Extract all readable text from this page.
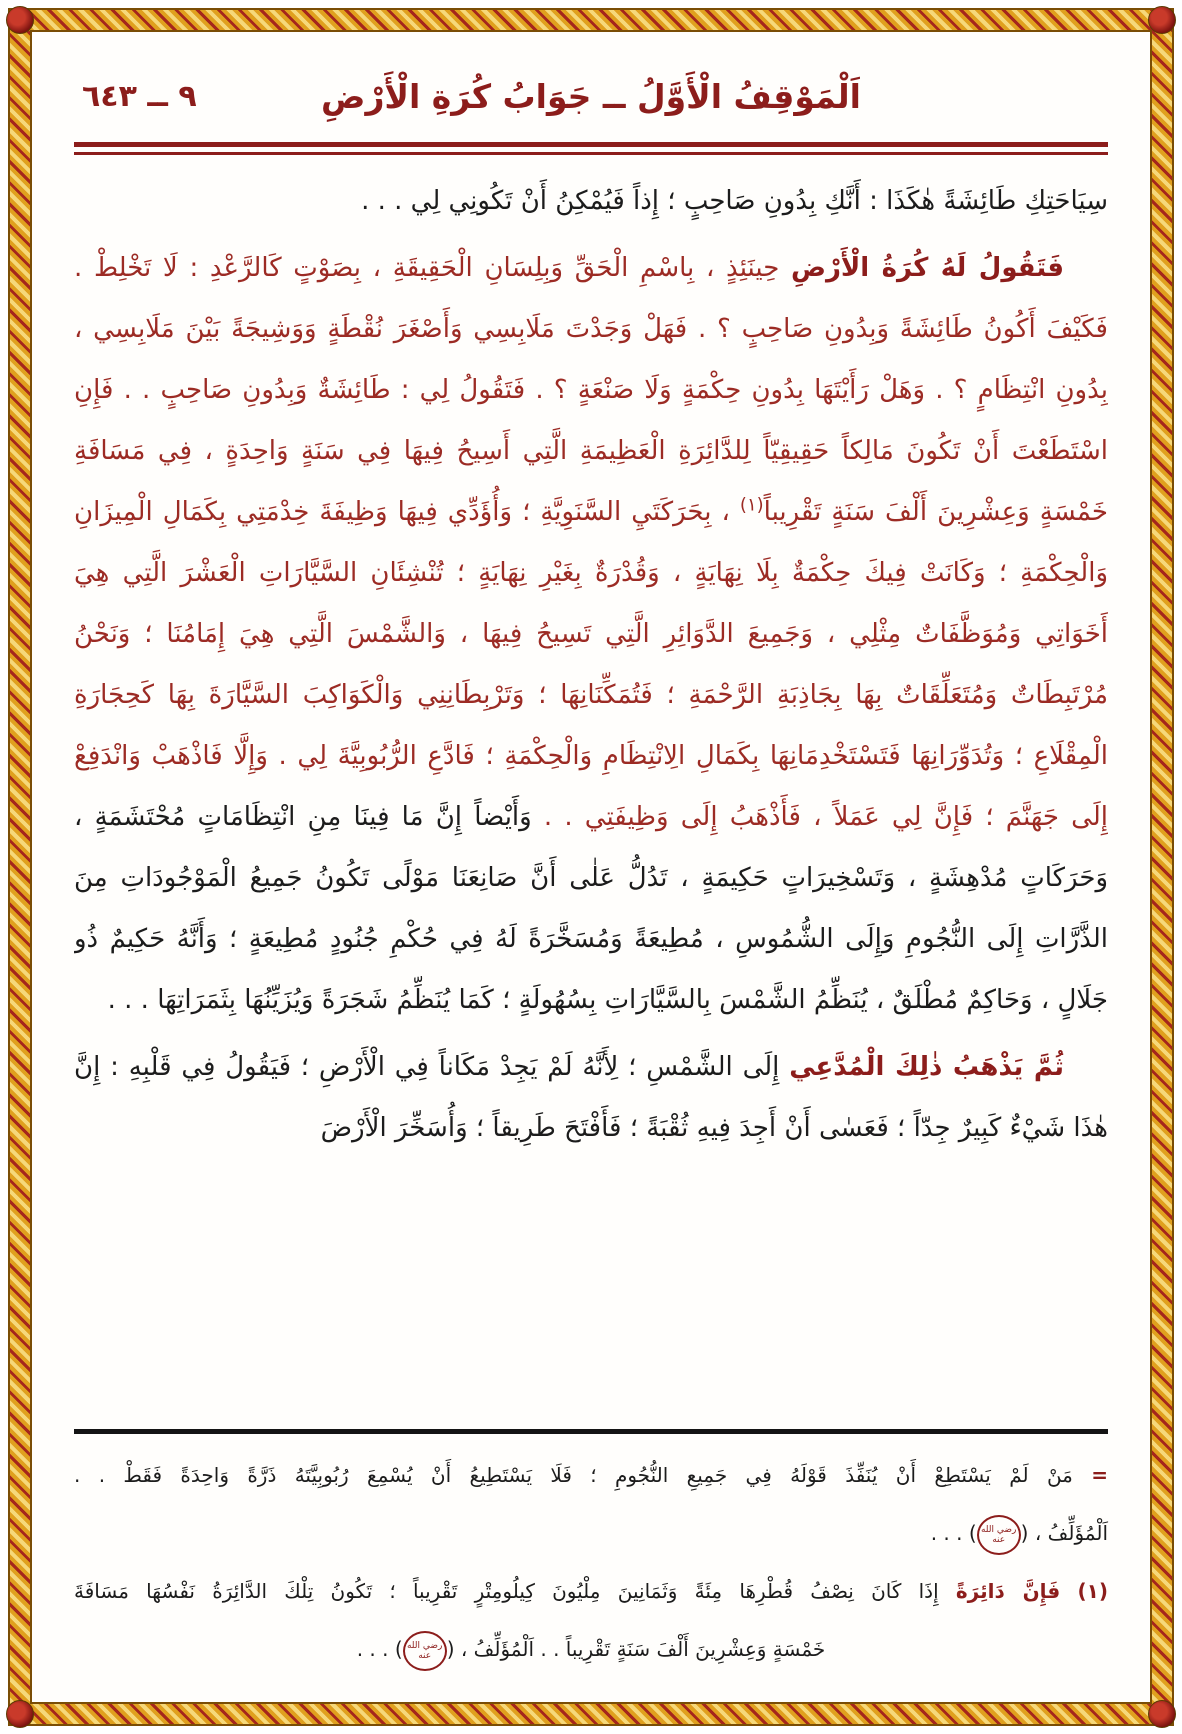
٩ ــ ٦٤٣	اَلْمَوْقِفُ الْأَوَّلُ ــ جَوَابُ كُرَةِ الْأَرْضِ

سِيَاحَتِكِ طَائِشَةً هٰكَذَا : أَنَّكِ بِدُونِ صَاحِبٍ ؛ إِذاً فَيُمْكِنُ أَنْ تَكُونِي لِي . . .

فَتَقُولُ لَهُ كُرَةُ الْأَرْضِ حِينَئِذٍ ، بِاسْمِ الْحَقِّ وَبِلِسَانِ الْحَقِيقَةِ ، بِصَوْتٍ كَالرَّعْدِ : لَا تَخْلِطْ . فَكَيْفَ أَكُونُ طَائِشَةً وَبِدُونِ صَاحِبٍ ؟ . فَهَلْ وَجَدْتَ مَلَابِسِي وَأَصْغَرَ نُقْطَةٍ وَوَشِيجَةً بَيْنَ مَلَابِسِي ، بِدُونِ انْتِظَامٍ ؟ . وَهَلْ رَأَيْتَهَا بِدُونِ حِكْمَةٍ وَلَا صَنْعَةٍ ؟ . فَتَقُولُ لِي : طَائِشَةٌ وَبِدُونِ صَاحِبٍ . . فَإِنِ اسْتَطَعْتَ أَنْ تَكُونَ مَالِكاً حَقِيقِيّاً لِلدَّائِرَةِ الْعَظِيمَةِ الَّتِي أَسِيحُ فِيهَا فِي سَنَةٍ وَاحِدَةٍ ، فِي مَسَافَةِ خَمْسَةٍ وَعِشْرِينَ أَلْفَ سَنَةٍ تَقْرِيباً$^{(١)}$ ، بِحَرَكَتَيِ السَّنَوِيَّةِ ؛ وَأُؤَدِّي فِيهَا وَظِيفَةَ خِدْمَتِي بِكَمَالِ الْمِيزَانِ وَالْحِكْمَةِ ؛ وَكَانَتْ فِيكَ حِكْمَةٌ بِلَا نِهَايَةٍ ، وَقُدْرَةٌ بِغَيْرِ نِهَايَةٍ ؛ تُنْشِئَانِ السَّيَّارَاتِ الْعَشْرَ الَّتِي هِيَ أَخَوَاتِي وَمُوَظَّفَاتٌ مِثْلِي ، وَجَمِيعَ الدَّوَائِرِ الَّتِي تَسِيحُ فِيهَا ، وَالشَّمْسَ الَّتِي هِيَ إِمَامُنَا ؛ وَنَحْنُ مُرْتَبِطَاتٌ وَمُتَعَلِّقَاتٌ بِهَا بِجَاذِبَةِ الرَّحْمَةِ ؛ فَتُمَكِّنَانِهَا ؛ وَتَرْبِطَانِنِي وَالْكَوَاكِبَ السَّيَّارَةَ بِهَا كَحِجَارَةِ الْمِقْلَاعِ ؛ وَتُدَوِّرَانِهَا فَتَسْتَخْدِمَانِهَا بِكَمَالِ الِانْتِظَامِ وَالْحِكْمَةِ ؛ فَادَّعِ الرُّبُوبِيَّةَ لِي . وَإِلَّا فَاذْهَبْ وَانْدَفِعْ إِلَى جَهَنَّمَ ؛ فَإِنَّ لِي عَمَلاً ، فَأَذْهَبُ إِلَى وَظِيفَتِي . . وَأَيْضاً إِنَّ مَا فِينَا مِنِ انْتِظَامَاتٍ مُحْتَشَمَةٍ ، وَحَرَكَاتٍ مُدْهِشَةٍ ، وَتَسْخِيرَاتٍ حَكِيمَةٍ ، تَدُلُّ عَلٰى أَنَّ صَانِعَنَا مَوْلًى تَكُونُ جَمِيعُ الْمَوْجُودَاتِ مِنَ الذَّرَّاتِ إِلَى النُّجُومِ وَإِلَى الشُّمُوسِ ، مُطِيعَةً وَمُسَخَّرَةً لَهُ فِي حُكْمِ جُنُودٍ مُطِيعَةٍ ؛ وَأَنَّهُ حَكِيمٌ ذُو جَلَالٍ ، وَحَاكِمٌ مُطْلَقٌ ، يُنَظِّمُ الشَّمْسَ بِالسَّيَّارَاتِ بِسُهُولَةٍ ؛ كَمَا يُنَظِّمُ شَجَرَةً وَيُزَيِّنُهَا بِثَمَرَاتِهَا . . .

ثُمَّ يَذْهَبُ ذٰلِكَ الْمُدَّعِي إِلَى الشَّمْسِ ؛ لِأَنَّهُ لَمْ يَجِدْ مَكَاناً فِي الْأَرْضِ ؛ فَيَقُولُ فِي قَلْبِهِ : إِنَّ هٰذَا شَيْءٌ كَبِيرٌ جِدّاً ؛ فَعَسٰى أَنْ أَجِدَ فِيهِ ثُقْبَةً ؛ فَأَفْتَحَ طَرِيقاً ؛ وَأُسَخِّرَ الْأَرْضَ

= مَنْ لَمْ يَسْتَطِعْ أَنْ يُنَفِّذَ قَوْلَهُ فِي جَمِيعِ النُّجُومِ ؛ فَلَا يَسْتَطِيعُ أَنْ يُسْمِعَ رُبُوبِيَّتَهُ ذَرَّةً وَاحِدَةً فَقَطْ . .

اَلْمُؤَلِّفُ ، (رضي الله عنه) . . .

(١) فَإِنَّ دَائِرَةً إِذَا كَانَ نِصْفُ قُطْرِهَا مِئَةً وَثَمَانِينَ مِلْيُونَ كِيلُومِتْرٍ تَقْرِيباً ؛ تَكُونُ تِلْكَ الدَّائِرَةُ نَفْسُهَا مَسَافَةَ

خَمْسَةٍ وَعِشْرِينَ أَلْفَ سَنَةٍ تَقْرِيباً . . اَلْمُؤَلِّفُ ، (رضي الله عنه) . . .
